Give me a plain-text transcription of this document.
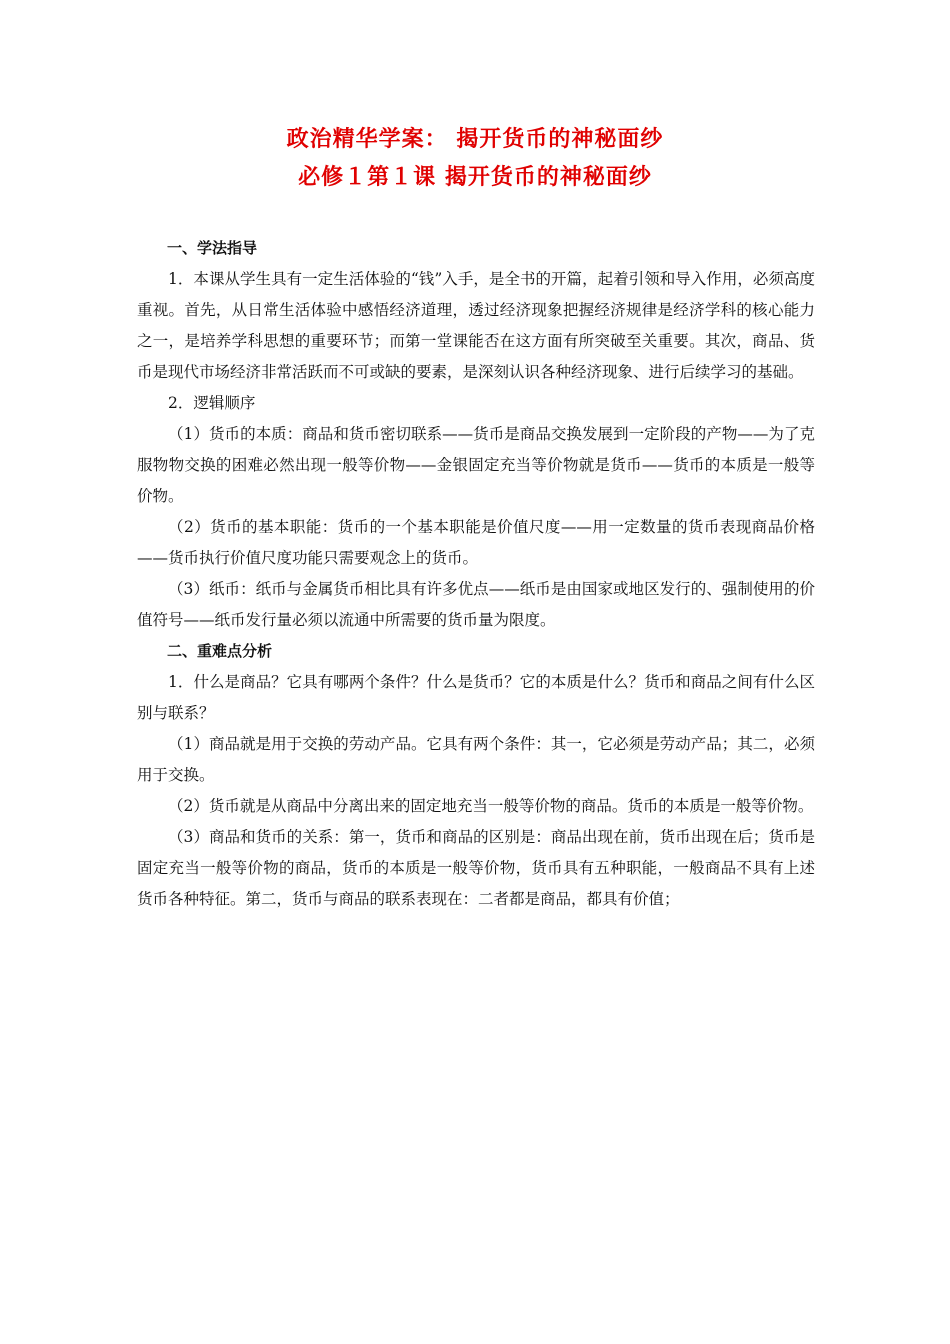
政治精华学案： 揭开货币的神秘面纱
必修１第１课 揭开货币的神秘面纱

一、学法指导

1．本课从学生具有一定生活体验的“钱”入手，是全书的开篇，起着引领和导入作用，必须高度重视。首先，从日常生活体验中感悟经济道理，透过经济现象把握经济规律是经济学科的核心能力之一，是培养学科思想的重要环节；而第一堂课能否在这方面有所突破至关重要。其次，商品、货币是现代市场经济非常活跃而不可或缺的要素，是深刻认识各种经济现象、进行后续学习的基础。

2．逻辑顺序

（1）货币的本质：商品和货币密切联系——货币是商品交换发展到一定阶段的产物——为了克服物物交换的困难必然出现一般等价物——金银固定充当等价物就是货币——货币的本质是一般等价物。

（2）货币的基本职能：货币的一个基本职能是价值尺度——用一定数量的货币表现商品价格——货币执行价值尺度功能只需要观念上的货币。

（3）纸币：纸币与金属货币相比具有许多优点——纸币是由国家或地区发行的、强制使用的价值符号——纸币发行量必须以流通中所需要的货币量为限度。

二、重难点分析

1．什么是商品？它具有哪两个条件？什么是货币？它的本质是什么？货币和商品之间有什么区别与联系？

（1）商品就是用于交换的劳动产品。它具有两个条件：其一，它必须是劳动产品；其二，必须用于交换。

（2）货币就是从商品中分离出来的固定地充当一般等价物的商品。货币的本质是一般等价物。

（3）商品和货币的关系：第一，货币和商品的区别是：商品出现在前，货币出现在后；货币是固定充当一般等价物的商品，货币的本质是一般等价物，货币具有五种职能，一般商品不具有上述货币各种特征。第二，货币与商品的联系表现在：二者都是商品，都具有价值；
